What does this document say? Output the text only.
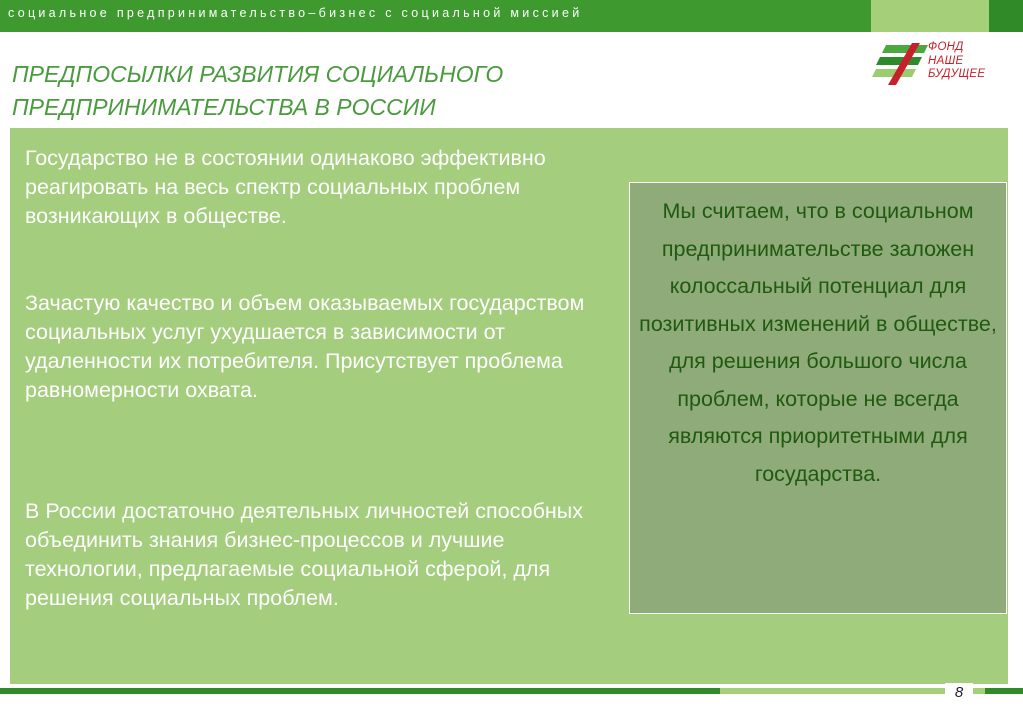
социальное предпринимательство–бизнес с социальной миссией
ПРЕДПОСЫЛКИ РАЗВИТИЯ СОЦИАЛЬНОГО
ПРЕДПРИНИМАТЕЛЬСТВА В РОССИИ
ФОНД
НАШЕ
БУДУЩЕЕ

Государство не в состоянии одинаково эффективно реагировать на весь спектр социальных проблем возникающих в обществе.

Зачастую качество и объем оказываемых государством социальных услуг ухудшается в зависимости от удаленности их потребителя. Присутствует проблема равномерности охвата.

В России достаточно деятельных личностей способных объединить знания бизнес-процессов и лучшие технологии, предлагаемые социальной сферой, для решения социальных проблем.

Мы считаем, что в социальном предпринимательстве заложен колоссальный потенциал для позитивных изменений в обществе, для решения большого числа проблем, которые не всегда являются приоритетными для государства.

8
